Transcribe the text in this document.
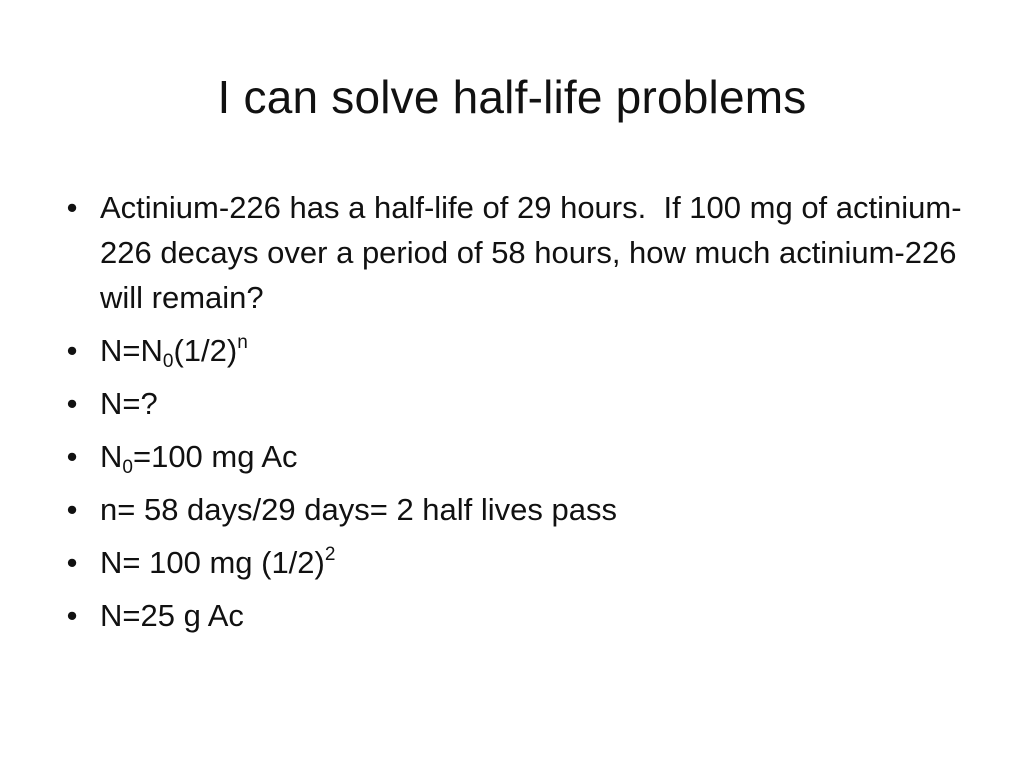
I can solve half-life problems
• Actinium-226 has a half-life of 29 hours.  If 100 mg of actinium-226 decays over a period of 58 hours, how much actinium-226 will remain?
• $N=N_0(1/2)^n$
• N=?
• $N_0=100$ mg Ac
• n= 58 days/29 days= 2 half lives pass
• N= 100 mg $(1/2)^2$
• N=25 g Ac
